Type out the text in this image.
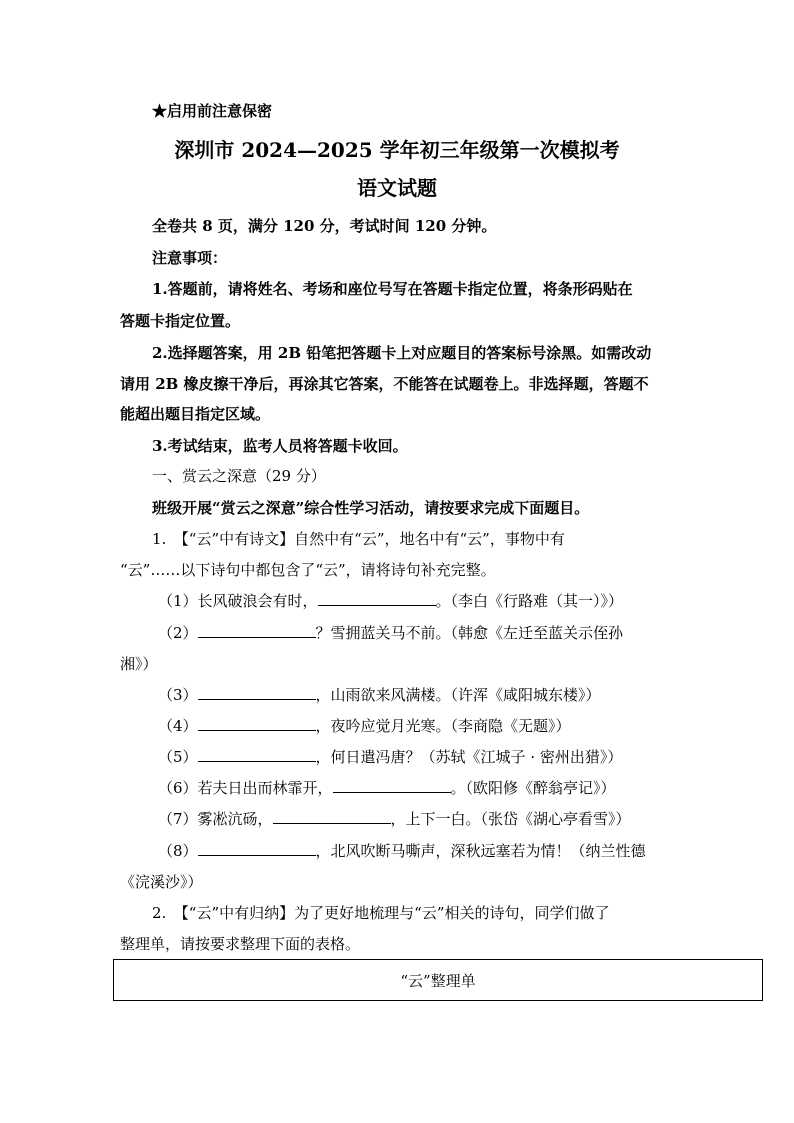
★启用前注意保密
深圳市 2024—2025 学年初三年级第一次模拟考
语文试题
全卷共 8 页，满分 120 分，考试时间 120 分钟。
注意事项：
1.答题前，请将姓名、考场和座位号写在答题卡指定位置，将条形码贴在
答题卡指定位置。
2.选择题答案，用 2B 铅笔把答题卡上对应题目的答案标号涂黑。如需改动
请用 2B 橡皮擦干净后，再涂其它答案，不能答在试题卷上。非选择题，答题不
能超出题目指定区域。
3.考试结束，监考人员将答题卡收回。
一、赏云之深意（29 分）
班级开展“赏云之深意”综合性学习活动，请按要求完成下面题目。
1.　【“云”中有诗文】自然中有“云”，地名中有“云”，事物中有
“云”……以下诗句中都包含了“云”，请将诗句补充完整。
（1）长风破浪会有时，	。（李白《行路难（其一）》）
（2）	？雪拥蓝关马不前。（韩愈《左迁至蓝关示侄孙
湘》）
（3）	，山雨欲来风满楼。（许浑《咸阳城东楼》）
（4）	，夜吟应觉月光寒。（李商隐《无题》）
（5）	，何日遣冯唐？（苏轼《江城子 · 密州出猎》）
（6）若夫日出而林霏开，	。（欧阳修《醉翁亭记》）
（7）雾凇沆砀，	，上下一白。（张岱《湖心亭看雪》）
（8）	，北风吹断马嘶声，深秋远塞若为情！（纳兰性德
《浣溪沙》）
2.　【“云”中有归纳】为了更好地梳理与“云”相关的诗句，同学们做了
整理单，请按要求整理下面的表格。
“云”整理单
